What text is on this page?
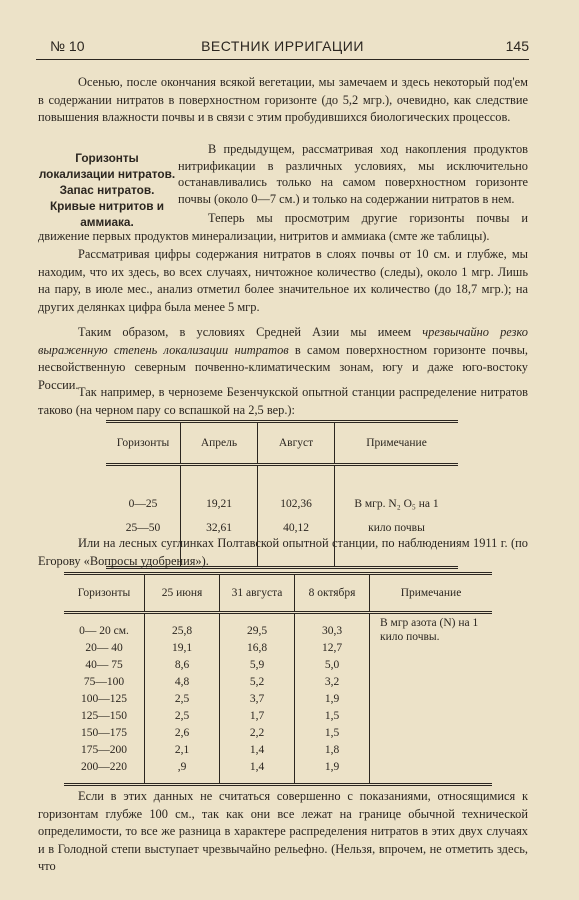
№ 10	ВЕСТНИК ИРРИГАЦИИ	145
Осенью, после окончания всякой вегетации, мы замечаем и здесь некоторый под'ем в содержании нитратов в поверхностном горизонте (до 5,2 мгр.), очевидно, как следствие повышения влажности почвы и в связи с этим пробудившихся биологических процессов.
Горизонты локализации нитратов. Запас нитратов. Кривые нитритов и аммиака.
В предыдущем, рассматривая ход накопления продуктов нитрификации в различных условиях, мы исключительно останавливались только на самом поверхностном горизонте почвы (около 0—7 см.) и только на содержании нитратов в нем.
Теперь мы просмотрим другие горизонты почвы и движение первых продуктов минерализации, нитритов и аммиака (смте же таблицы).
Рассматривая цифры содержания нитратов в слоях почвы от 10 см. и глубже, мы находим, что их здесь, во всех случаях, ничтожное количество (следы), около 1 мгр. Лишь на пару, в июле мес., анализ отметил более значительное их количество (до 18,7 мгр.); на других делянках цифра была менее 5 мгр.
Таким образом, в условиях Средней Азии мы имеем чрезвычайно резко выраженную степень локализации нитратов в самом поверхностном горизонте почвы, несвойственную северным почвенно-климатическим зонам, югу и даже юго-востоку России.
Так например, в черноземе Безенчукской опытной станции распределение нитратов таково (на черном пару со вспашкой на 2,5 вер.):
Горизонты	Апрель	Август	Примечание

0—25	19,21	102,36	В мгр. N₂ O₅ на 1
25—50	32,61	40,12	кило почвы

Или на лесных суглинках Полтавской опытной станции, по наблюдениям 1911 г. (по Егорову «Вопросы удобрения»).
Горизонты	25 июня	31 августа	8 октября	Примечание
				В мгр азота (N) на 1 кило почвы.
0— 20 см.	25,8	29,5	30,3	
20— 40	19,1	16,8	12,7	
40— 75	8,6	5,9	5,0	
75—100	4,8	5,2	3,2	
100—125	2,5	3,7	1,9	
125—150	2,5	1,7	1,5	
150—175	2,6	2,2	1,5	
175—200	2,1	1,4	1,8	
200—220	,9	1,4	1,9	

Если в этих данных не считаться совершенно с показаниями, относящимися к горизонтам глубже 100 см., так как они все лежат на границе обычной технической определимости, то все же разница в характере распределения нитратов в этих двух случаях и в Голодной степи выступает чрезвычайно рельефно. (Нельзя, впрочем, не отметить здесь, что
